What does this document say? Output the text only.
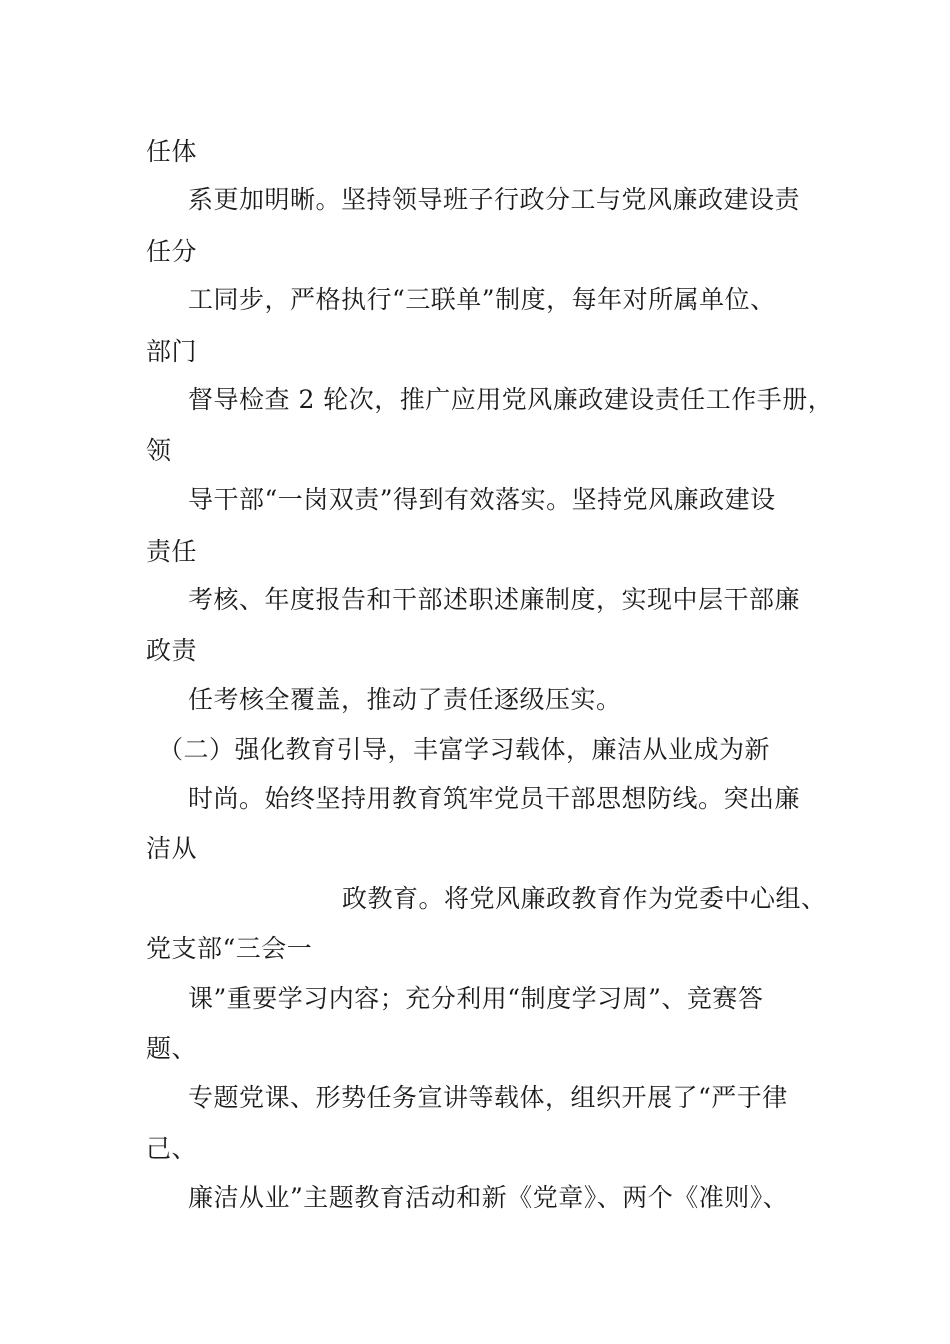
任体
系更加明晰。坚持领导班子行政分工与党风廉政建设责
任分
工同步，严格执行“三联单”制度，每年对所属单位、
部门
督导检查 2 轮次，推广应用党风廉政建设责任工作手册，
领
导干部“一岗双责”得到有效落实。坚持党风廉政建设
责任
考核、年度报告和干部述职述廉制度，实现中层干部廉
政责
任考核全覆盖，推动了责任逐级压实。
（二）强化教育引导，丰富学习载体，廉洁从业成为新
时尚。始终坚持用教育筑牢党员干部思想防线。突出廉
洁从
政教育。将党风廉政教育作为党委中心组、
党支部“三会一
课”重要学习内容；充分利用“制度学习周”、竞赛答
题、
专题党课、形势任务宣讲等载体，组织开展了“严于律
己、
廉洁从业”主题教育活动和新《党章》、两个《准则》、
